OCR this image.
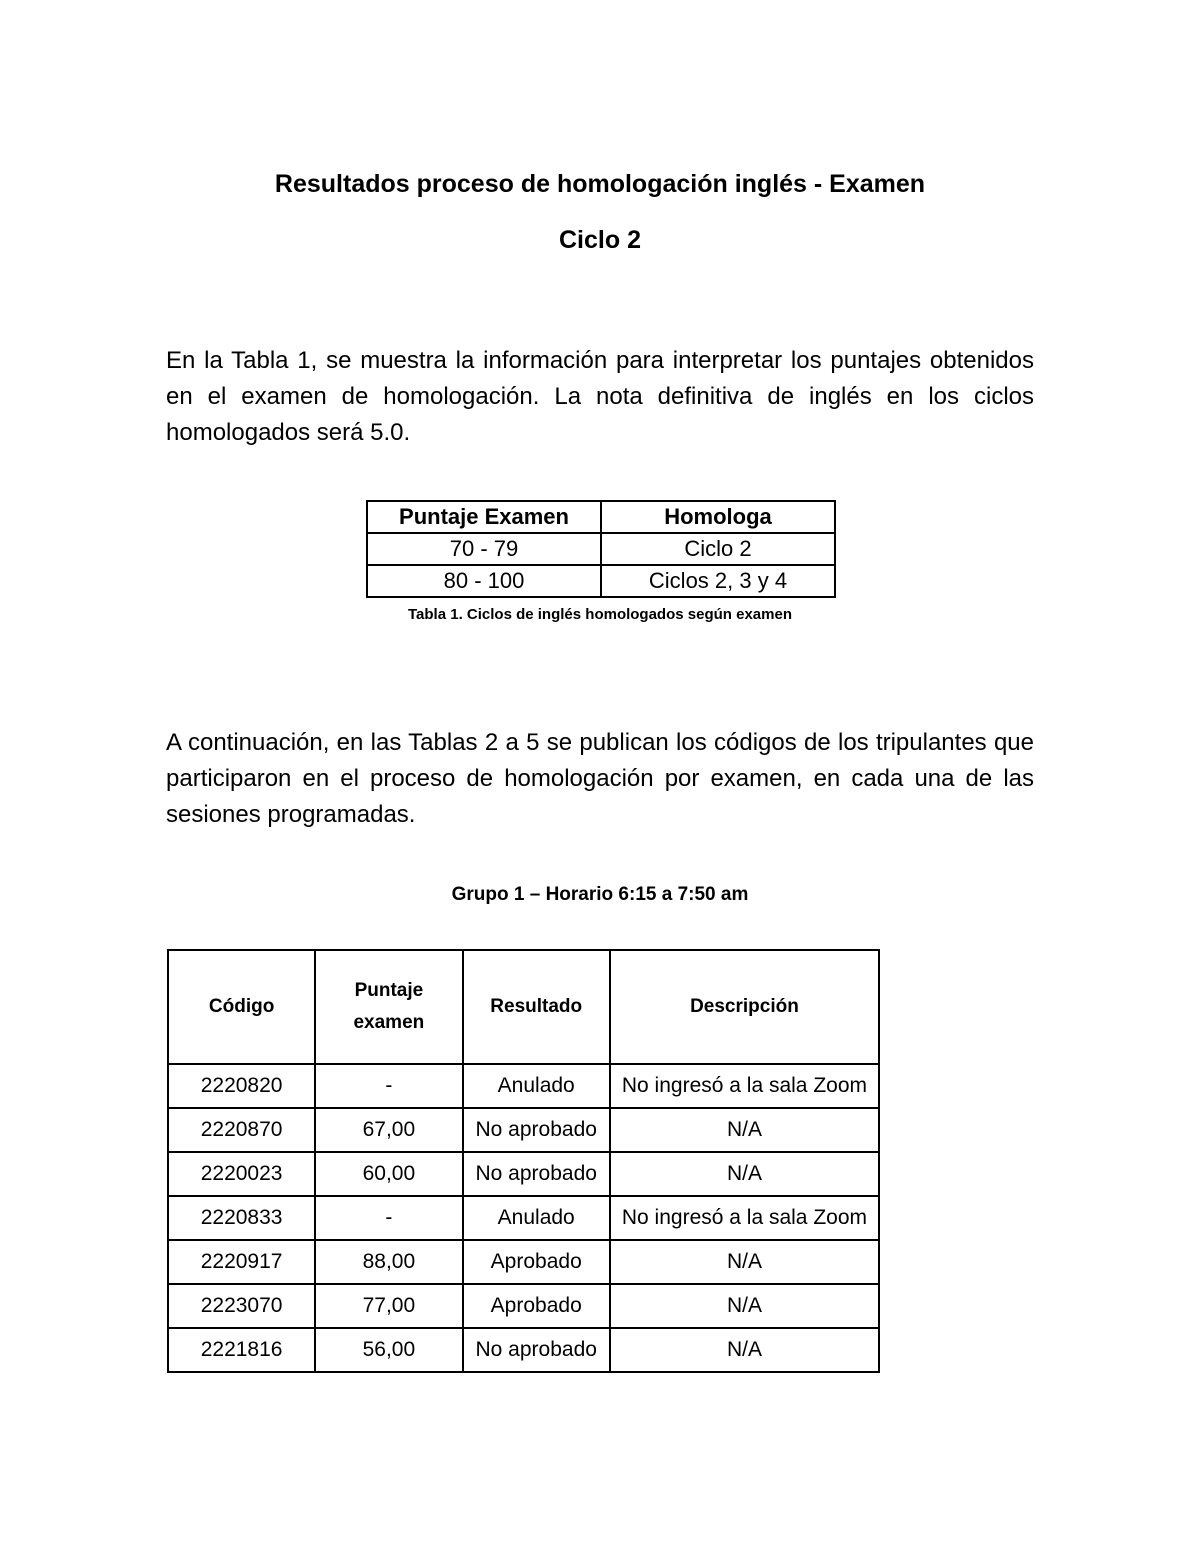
Resultados proceso de homologación inglés - Examen
Ciclo 2

En la Tabla 1, se muestra la información para interpretar los puntajes obtenidos en el examen de homologación. La nota definitiva de inglés en los ciclos homologados será 5.0.

Puntaje Examen	Homologa
70 - 79	Ciclo 2
80 - 100	Ciclos 2, 3 y 4
Tabla 1. Ciclos de inglés homologados según examen

A continuación, en las Tablas 2 a 5 se publican los códigos de los tripulantes que participaron en el proceso de homologación por examen, en cada una de las sesiones programadas.

Grupo 1 – Horario 6:15 a 7:50 am
Código	Puntaje examen	Resultado	Descripción
2220820	-	Anulado	No ingresó a la sala Zoom
2220870	67,00	No aprobado	N/A
2220023	60,00	No aprobado	N/A
2220833	-	Anulado	No ingresó a la sala Zoom
2220917	88,00	Aprobado	N/A
2223070	77,00	Aprobado	N/A
2221816	56,00	No aprobado	N/A
